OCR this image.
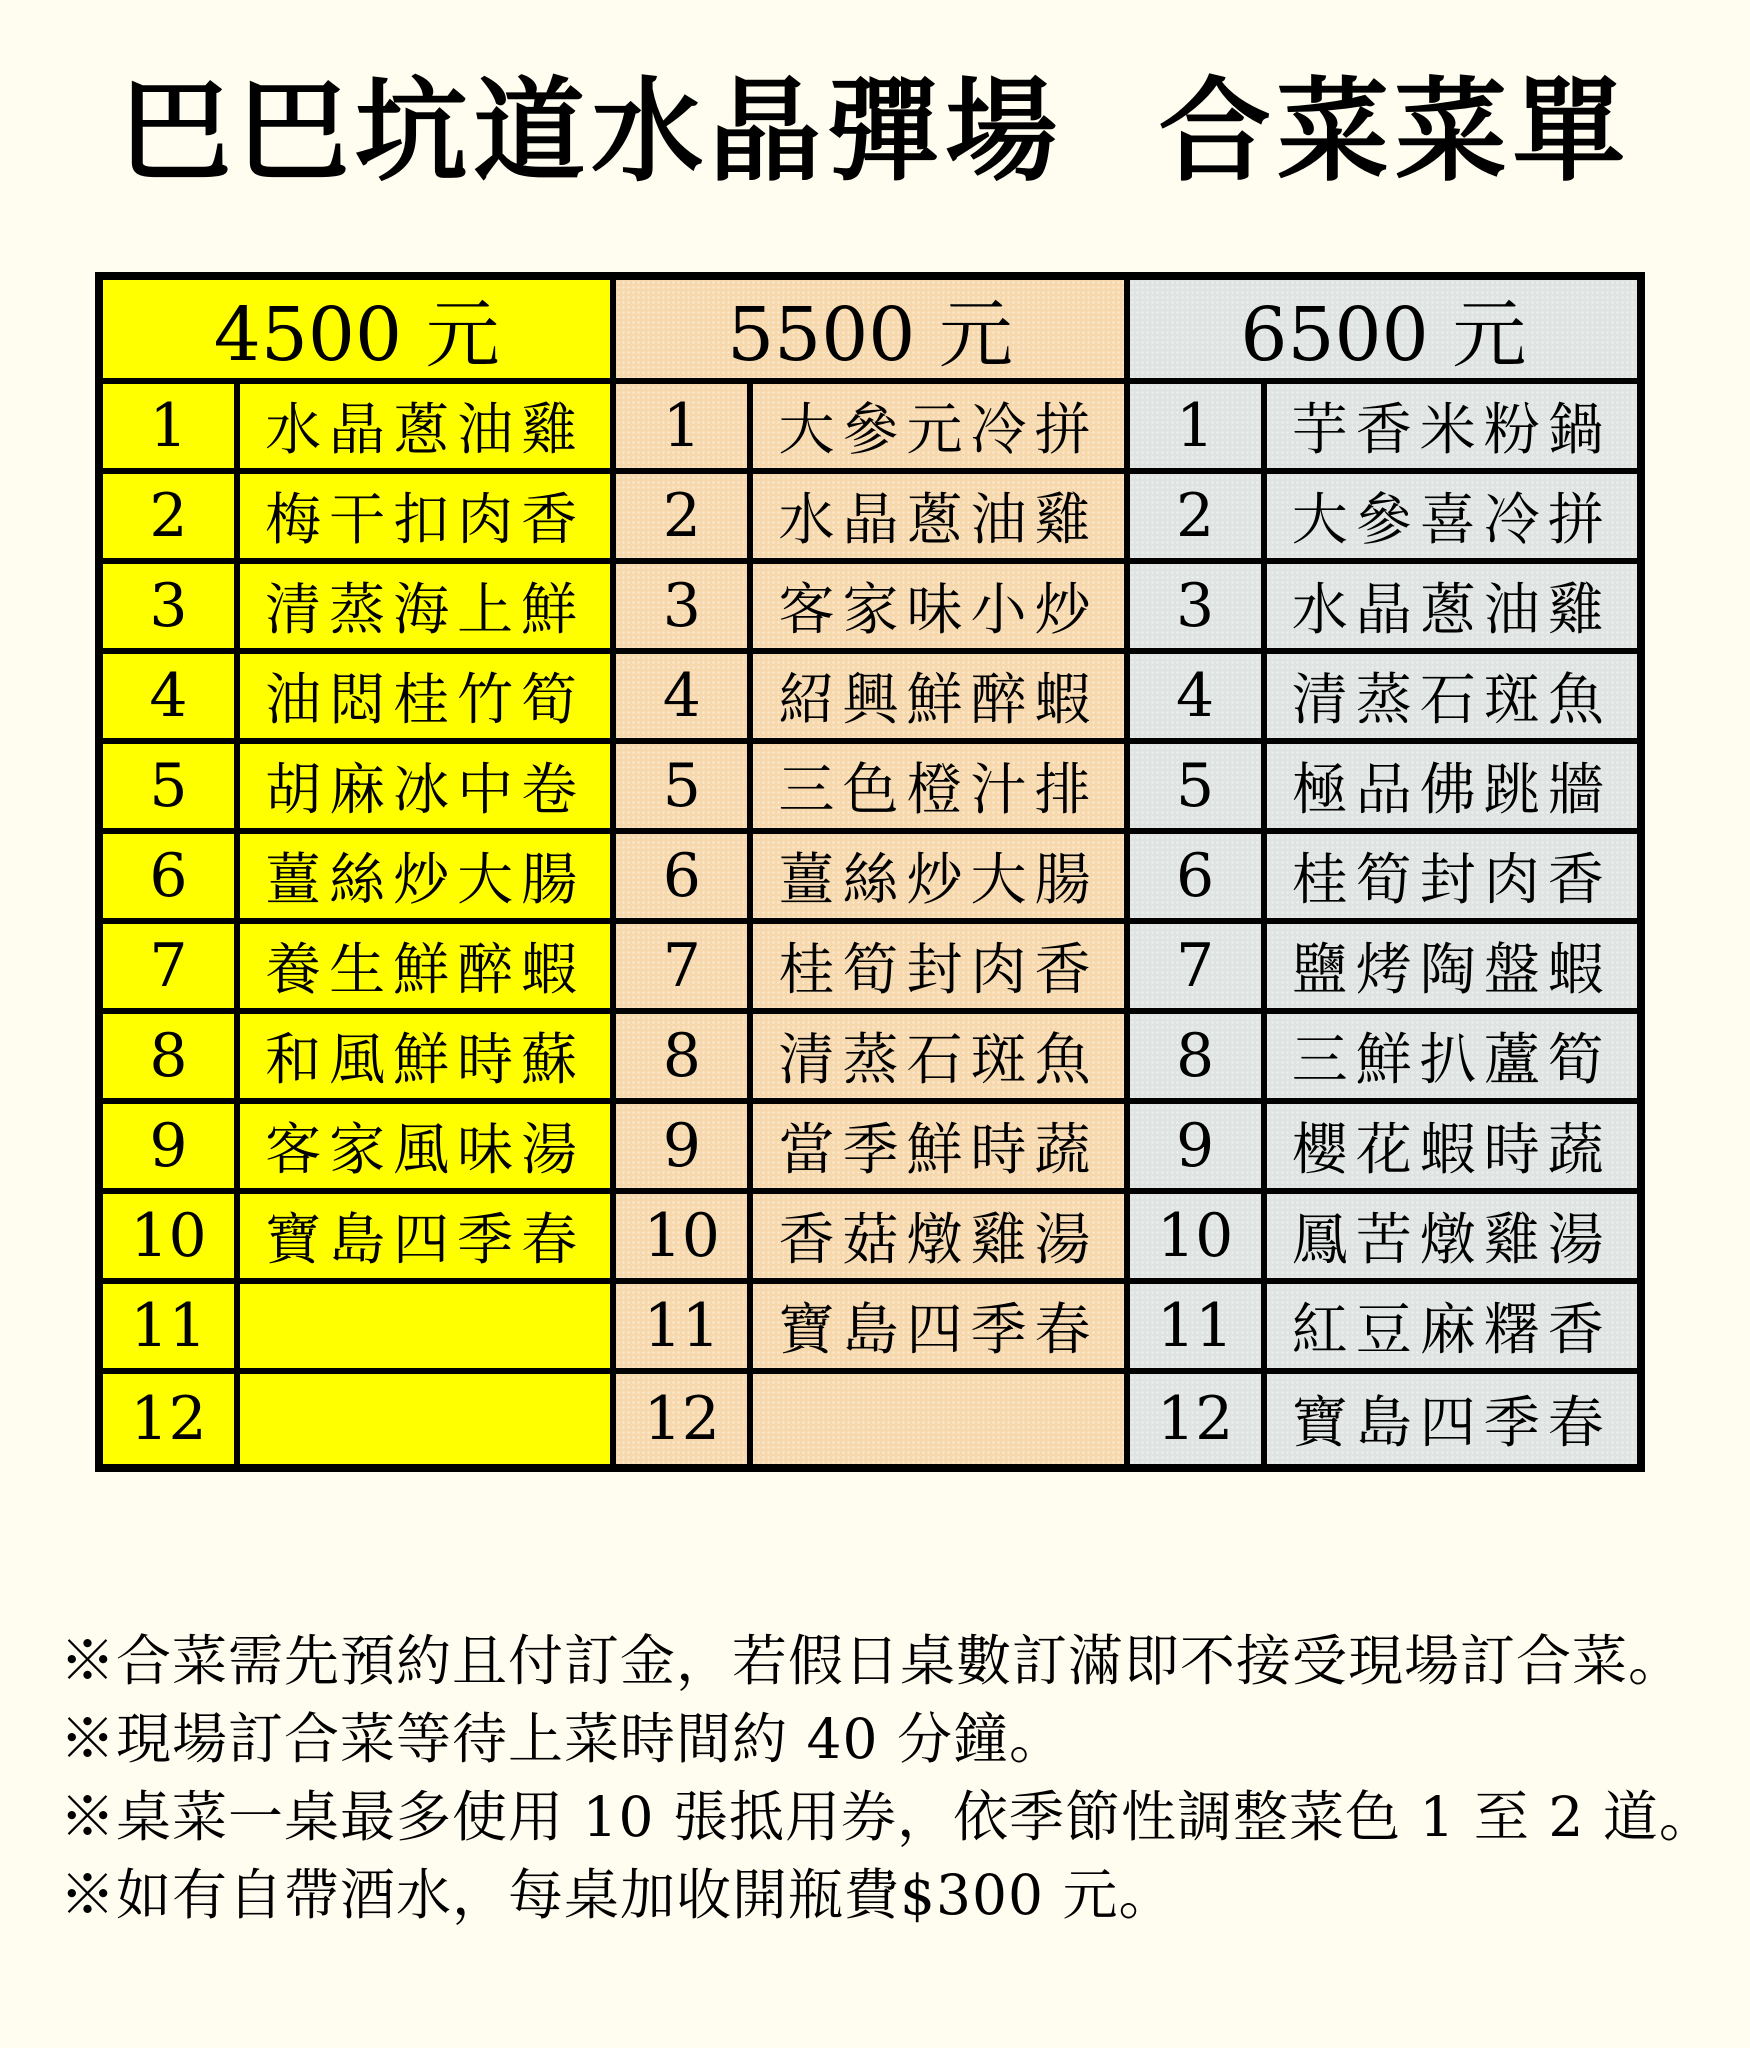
巴巴坑道水晶彈場 合菜菜單
4500 元
1	水晶蔥油雞
2	梅干扣肉香
3	清蒸海上鮮
4	油悶桂竹筍
5	胡麻冰中卷
6	薑絲炒大腸
7	養生鮮醉蝦
8	和風鮮時蘇
9	客家風味湯
10	寶島四季春
11
12
5500 元
1	大參元冷拼
2	水晶蔥油雞
3	客家味小炒
4	紹興鮮醉蝦
5	三色橙汁排
6	薑絲炒大腸
7	桂筍封肉香
8	清蒸石斑魚
9	當季鮮時蔬
10	香菇燉雞湯
11	寶島四季春
12
6500 元
1	芋香米粉鍋
2	大參喜冷拼
3	水晶蔥油雞
4	清蒸石斑魚
5	極品佛跳牆
6	桂筍封肉香
7	鹽烤陶盤蝦
8	三鮮扒蘆筍
9	櫻花蝦時蔬
10	鳳苦燉雞湯
11	紅豆麻糬香
12	寶島四季春

※合菜需先預約且付訂金，若假日桌數訂滿即不接受現場訂合菜。

※現場訂合菜等待上菜時間約 40 分鐘。

※桌菜一桌最多使用 10 張抵用券，依季節性調整菜色 1 至 2 道。

※如有自帶酒水，每桌加收開瓶費$300 元。
